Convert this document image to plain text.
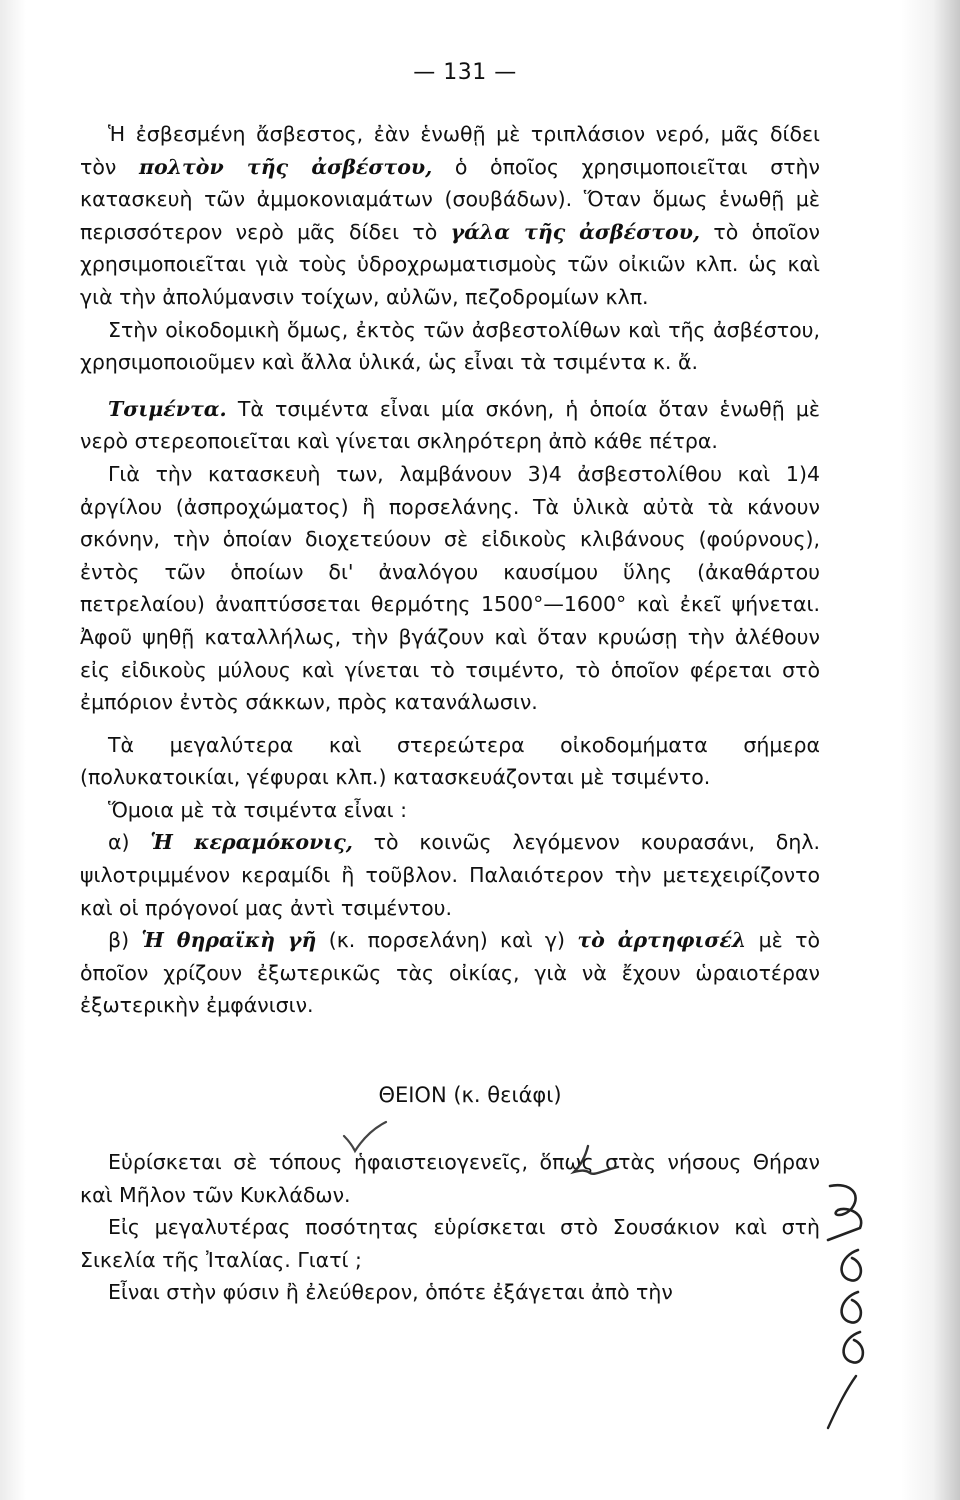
— 131 —

Ἡ ἐσβεσμένη ἄσβεστος, ἐὰν ἑνωθῇ μὲ τριπλάσιον νερό, μᾶς δίδει τὸν πολτὸν τῆς ἀσβέστου, ὁ ὁποῖος χρησιμοποιεῖται στὴν κατασκευὴ τῶν ἀμμοκονιαμάτων (σουβάδων). Ὅταν ὅμως ἑνωθῇ μὲ περισσότερον νερὸ μᾶς δίδει τὸ γάλα τῆς ἀσβέστου, τὸ ὁποῖον χρησιμοποιεῖται γιὰ τοὺς ὑδροχρωματισμοὺς τῶν οἰκιῶν κλπ. ὡς καὶ γιὰ τὴν ἀπολύμανσιν τοίχων, αὐλῶν, πεζοδρομίων κλπ.

Στὴν οἰκοδομικὴ ὅμως, ἐκτὸς τῶν ἀσβεστολίθων καὶ τῆς ἀσβέστου, χρησιμοποιοῦμεν καὶ ἄλλα ὑλικά, ὡς εἶναι τὰ τσιμέντα κ. ἄ.

Τσιμέντα. Τὰ τσιμέντα εἶναι μία σκόνη, ἡ ὁποία ὅταν ἑνωθῇ μὲ νερὸ στερεοποιεῖται καὶ γίνεται σκληρότερη ἀπὸ κάθε πέτρα.

Γιὰ τὴν κατασκευὴ των, λαμβάνουν 3)4 ἀσβεστολίθου καὶ 1)4 ἀργίλου (ἀσπροχώματος) ἢ πορσελάνης. Τὰ ὑλικὰ αὐτὰ τὰ κάνουν σκόνην, τὴν ὁποίαν διοχετεύουν σὲ εἰδικοὺς κλιβάνους (φούρνους), ἐντὸς τῶν ὁποίων δι' ἀναλόγου καυσίμου ὕλης (ἀκαθάρτου πετρελαίου) ἀναπτύσσεται θερμότης 1500°—1600° καὶ ἐκεῖ ψήνεται. Ἀφοῦ ψηθῇ καταλλήλως, τὴν βγάζουν καὶ ὅταν κρυώσῃ τὴν ἀλέθουν εἰς εἰδικοὺς μύλους καὶ γίνεται τὸ τσιμέντο, τὸ ὁποῖον φέρεται στὸ ἐμπόριον ἐντὸς σάκκων, πρὸς κατανάλωσιν.

Τὰ μεγαλύτερα καὶ στερεώτερα οἰκοδομήματα σήμερα (πολυκατοικίαι, γέφυραι κλπ.) κατασκευάζονται μὲ τσιμέντο.

Ὅμοια μὲ τὰ τσιμέντα εἶναι :

α) Ἡ κεραμόκονις, τὸ κοινῶς λεγόμενον κουρασάνι, δηλ. ψιλοτριμμένον κεραμίδι ἢ τοῦβλον. Παλαιότερον τὴν μετεχειρίζοντο καὶ οἱ πρόγονοί μας ἀντὶ τσιμέντου.

β) Ἡ θηραϊκὴ γῆ (κ. πορσελάνη) καὶ γ) τὸ ἀρτηφισέλ μὲ τὸ ὁποῖον χρίζουν ἐξωτερικῶς τὰς οἰκίας, γιὰ νὰ ἔχουν ὡραιοτέραν ἐξωτερικὴν ἐμφάνισιν.

ΘΕΙΟΝ (κ. θειάφι)

Εὑρίσκεται σὲ τόπους ἡφαιστειογενεῖς, ὅπως στὰς νήσους Θήραν καὶ Μῆλον τῶν Κυκλάδων.

Εἰς μεγαλυτέρας ποσότητας εὑρίσκεται στὸ Σουσάκιον καὶ στὴ Σικελία τῆς Ἰταλίας. Γιατί ;

Εἶναι στὴν φύσιν ἢ ἐλεύθερον, ὁπότε ἐξάγεται ἀπὸ τὴν
